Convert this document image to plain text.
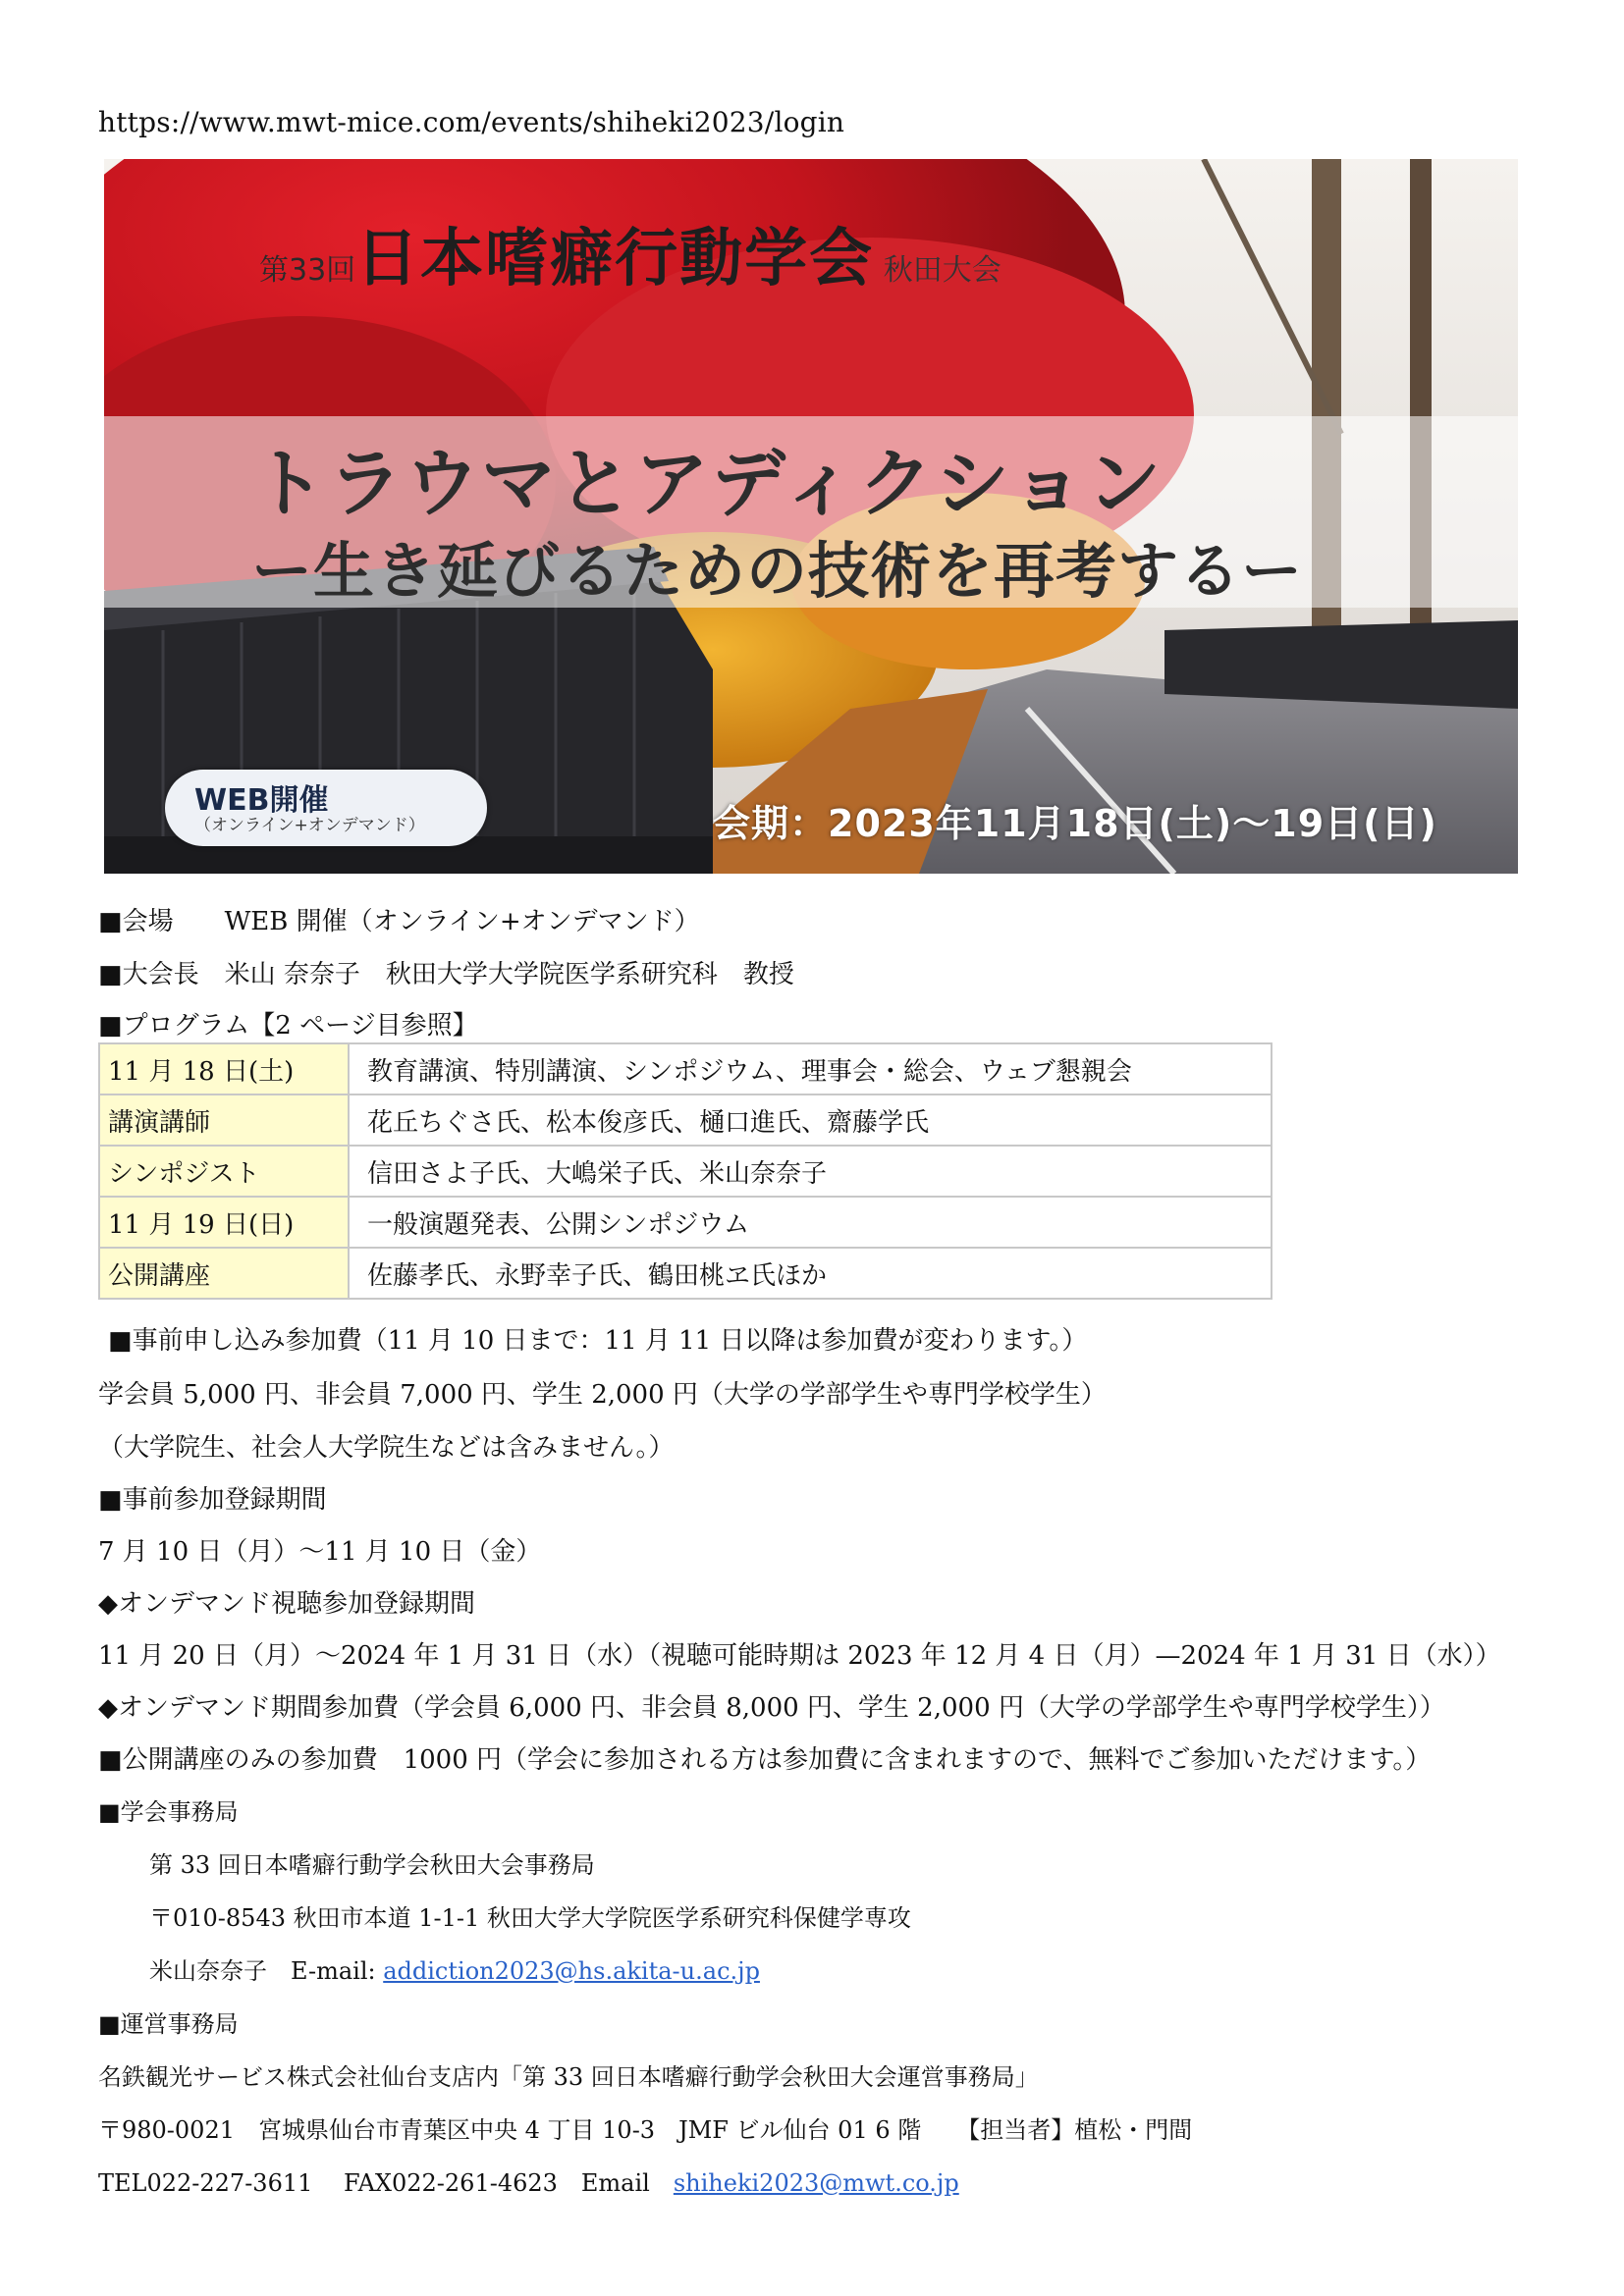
https://www.mwt-mice.com/events/shiheki2023/login
第33回日本嗜癖行動学会 秋田大会
トラウマとアディクション
ー生き延びるための技術を再考するー
WEB開催
（オンライン+オンデマンド）	会期：2023年11月18日(土)〜19日(日)
■会場　　WEB 開催（オンライン+オンデマンド）
■大会長　米山 奈奈子　秋田大学大学院医学系研究科　教授
■プログラム【2 ページ目参照】
11 月 18 日(土)	教育講演、特別講演、シンポジウム、理事会・総会、ウェブ懇親会
講演講師	花丘ちぐさ氏、松本俊彦氏、樋口進氏、齋藤学氏
シンポジスト	信田さよ子氏、大嶋栄子氏、米山奈奈子
11 月 19 日(日)	一般演題発表、公開シンポジウム
公開講座	佐藤孝氏、永野幸子氏、鶴田桃ヱ氏ほか
■事前申し込み参加費（11 月 10 日まで：11 月 11 日以降は参加費が変わります。）
学会員 5,000 円、非会員 7,000 円、学生 2,000 円（大学の学部学生や専門学校学生）
（大学院生、社会人大学院生などは含みません。）
■事前参加登録期間
7 月 10 日（月）〜11 月 10 日（金）
◆オンデマンド視聴参加登録期間
11 月 20 日（月）〜2024 年 1 月 31 日（水）（視聴可能時期は 2023 年 12 月 4 日（月）—2024 年 1 月 31 日（水））
◆オンデマンド期間参加費（学会員 6,000 円、非会員 8,000 円、学生 2,000 円（大学の学部学生や専門学校学生））
■公開講座のみの参加費　1000 円（学会に参加される方は参加費に含まれますので、無料でご参加いただけます。）
■学会事務局
第 33 回日本嗜癖行動学会秋田大会事務局
〒010-8543 秋田市本道 1-1-1 秋田大学大学院医学系研究科保健学専攻
米山奈奈子　E-mail: addiction2023@hs.akita-u.ac.jp
■運営事務局
名鉄観光サービス株式会社仙台支店内「第 33 回日本嗜癖行動学会秋田大会運営事務局」
〒980-0021　宮城県仙台市青葉区中央 4 丁目 10-3　JMF ビル仙台 01 6 階　　【担当者】植松・門間
TEL022-227-3611　 FAX022-261-4623　Email　shiheki2023@mwt.co.jp
